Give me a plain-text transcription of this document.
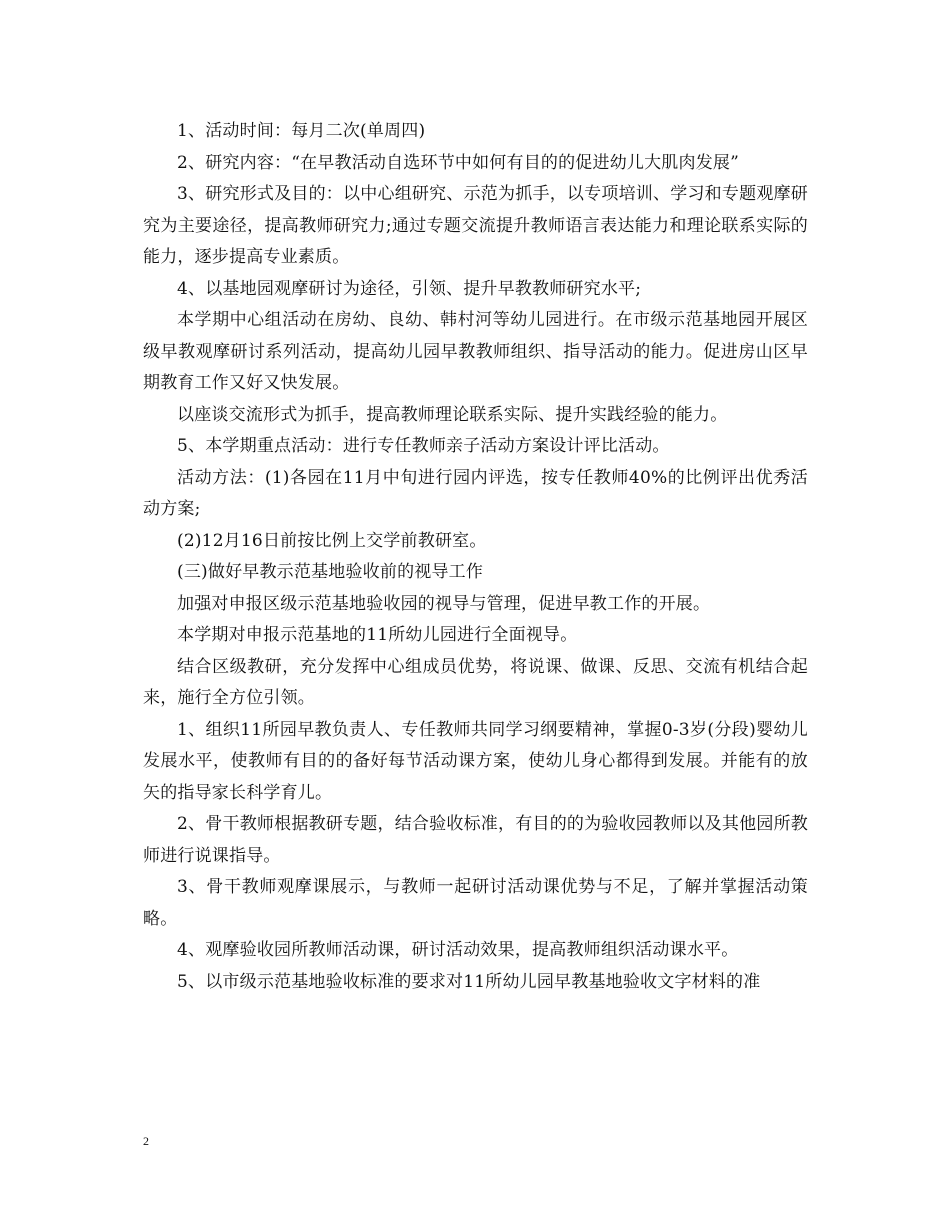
1、活动时间：每月二次(单周四)

2、研究内容：“在早教活动自选环节中如何有目的的促进幼儿大肌肉发展”

3、研究形式及目的：以中心组研究、示范为抓手，以专项培训、学习和专题观摩研究为主要途径，提高教师研究力;通过专题交流提升教师语言表达能力和理论联系实际的能力，逐步提高专业素质。

4、以基地园观摩研讨为途径，引领、提升早教教师研究水平;

本学期中心组活动在房幼、良幼、韩村河等幼儿园进行。在市级示范基地园开展区级早教观摩研讨系列活动，提高幼儿园早教教师组织、指导活动的能力。促进房山区早期教育工作又好又快发展。

以座谈交流形式为抓手，提高教师理论联系实际、提升实践经验的能力。

5、本学期重点活动：进行专任教师亲子活动方案设计评比活动。

活动方法：(1)各园在11月中旬进行园内评选，按专任教师40%的比例评出优秀活动方案;

(2)12月16日前按比例上交学前教研室。

(三)做好早教示范基地验收前的视导工作

加强对申报区级示范基地验收园的视导与管理，促进早教工作的开展。

本学期对申报示范基地的11所幼儿园进行全面视导。

结合区级教研，充分发挥中心组成员优势，将说课、做课、反思、交流有机结合起来，施行全方位引领。

1、组织11所园早教负责人、专任教师共同学习纲要精神，掌握0-3岁(分段)婴幼儿发展水平，使教师有目的的备好每节活动课方案，使幼儿身心都得到发展。并能有的放矢的指导家长科学育儿。

2、骨干教师根据教研专题，结合验收标准，有目的的为验收园教师以及其他园所教师进行说课指导。

3、骨干教师观摩课展示，与教师一起研讨活动课优势与不足，了解并掌握活动策略。

4、观摩验收园所教师活动课，研讨活动效果，提高教师组织活动课水平。

5、以市级示范基地验收标准的要求对11所幼儿园早教基地验收文字材料的准

2
